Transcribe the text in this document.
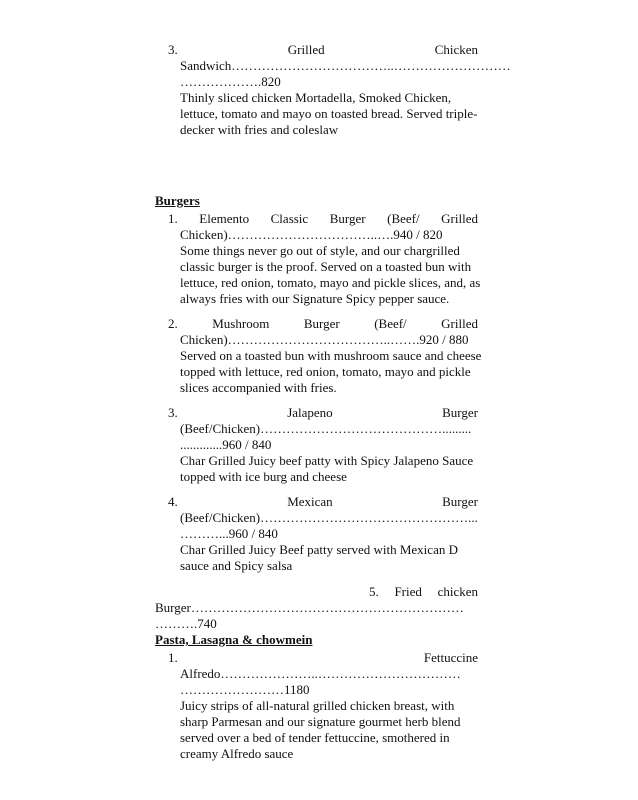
3.	Grilled	Chicken
Sandwich………………………………..………………………
……………….820
Thinly sliced chicken Mortadella, Smoked Chicken,
lettuce, tomato and mayo on toasted bread. Served triple-
decker with fries and coleslaw
Burgers
1. Elemento Classic Burger (Beef/ Grilled
Chicken)……………………………..….940 / 820
Some things never go out of style, and our chargrilled
classic burger is the proof. Served on a toasted bun with
lettuce, red onion, tomato, mayo and pickle slices, and, as
always fries with our Signature Spicy pepper sauce.
2.	Mushroom	Burger	(Beef/	Grilled
Chicken)………………………………..…….920 / 880
Served on a toasted bun with mushroom sauce and cheese
topped with lettuce, red onion, tomato, mayo and pickle
slices accompanied with fries.
3.	Jalapeno	Burger
(Beef/Chicken)…………………………………….........
.............960 / 840
Char Grilled Juicy beef patty with Spicy Jalapeno Sauce
topped with ice burg and cheese
4.	Mexican	Burger
(Beef/Chicken)…………………………………………...
………...960 / 840
Char Grilled Juicy Beef patty served with Mexican D
sauce and Spicy salsa
5. Fried chicken
Burger………………………………………………………
……….740
Pasta, Lasagna & chowmein
1.	Fettuccine
Alfredo…………………..……………………………
……………………1180
Juicy strips of all-natural grilled chicken breast, with
sharp Parmesan and our signature gourmet herb blend
served over a bed of tender fettuccine, smothered in
creamy Alfredo sauce
